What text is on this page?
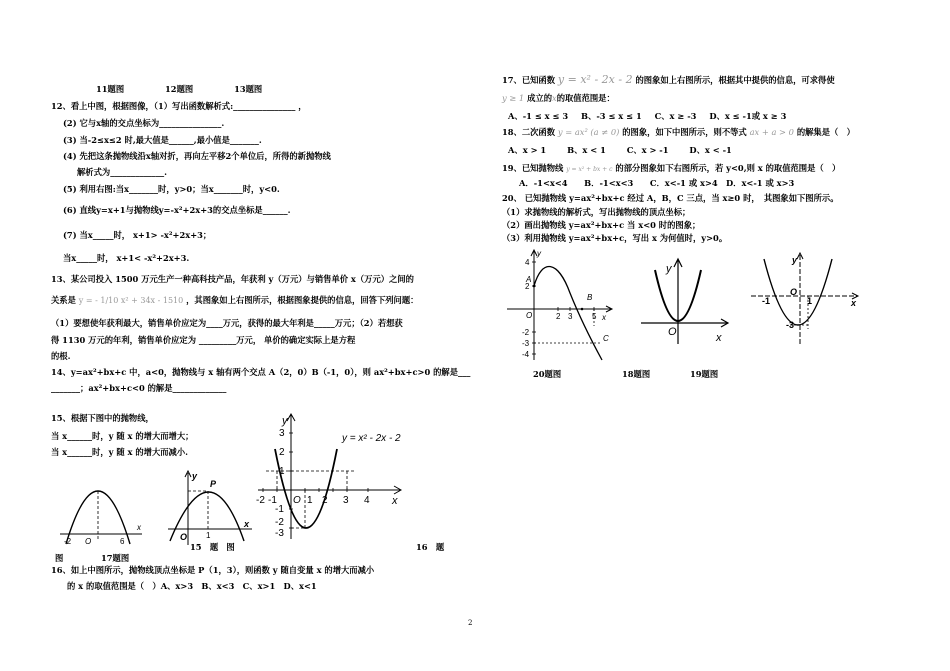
11题图	12题图	13题图
12、看上中图，根据图像，（1）写出函数解析式:_______________ ，
(2) 它与x轴的交点坐标为_______________.
(3) 当-2≤x≤2 时,最大值是______,最小值是_______.
(4) 先把这条抛物线沿x轴对折，再向左平移2个单位后，所得的新抛物线
解析式为_____________.
(5) 利用右图:当x_______时，y>0；当x_______时，y<0.
(6) 直线y=x+1与抛物线y=-x²+2x+3的交点坐标是______.
(7) 当x_____时， x+1> -x²+2x+3；
当x_____时， x+1< -x²+2x+3.
13、某公司投入 1500 万元生产一种高科技产品，年获利 y（万元）与销售单价 x（万元）之间的
关系是 y = - 1/10 x² + 34x - 1510 ，其图象如上右图所示，根据图象提供的信息，回答下列问题：
（1）要想使年获利最大，销售单价应定为____万元，获得的最大年利是_____万元；（2）若想获
得 1130 万元的年利，销售单价应定为 _________万元， 单价的确定实际上是方程
的根.
14、y=ax²+bx+c 中，a<0，抛物线与 x 轴有两个交点 A（2，0）B（-1，0），则 ax²+bx+c>0 的解是___
_______；ax²+bx+c<0 的解是_____________
15、根据下图中的抛物线，
当 x______时，y 随 x 的增大而增大；
当 x______时，y 随 x 的增大而减小.
x
-2 O	6
y
P
x
O 1
y
x
y = x² - 2x - 2
3
2
1
-1
-2
-3
-2 -1 O 1 2 3 4
图	17题图
15　题　图	16　题
16、如上中图所示，抛物线顶点坐标是 P（1，3），则函数 y 随自变量 x 的增大而减小
的 x 的取值范围是（　）A、x>3　B、x<3　C、x>1　D、x<1
17、已知函数 y = x² - 2x - 2 的图象如上右图所示，根据其中提供的信息，可求得使
y ≥ 1 成立的x的取值范围是：
A、-1 ≤ x ≤ 3 B、-3 ≤ x ≤ 1 C、x ≥ -3 D、x ≤ -1或 x ≥ 3
18、二次函数 y = ax² (a ≠ 0) 的图象，如下中图所示，则不等式 ax + a > 0 的解集是（　）
A、x > 1	B、x < 1	C、x > -1	D、x < -1
19、已知抛物线 y = x² + bx + c 的部分图象如下右图所示，若 y<0,则 x 的取值范围是（　）
A．-1<x<4　　B．-1<x<3　　C．x<-1 或 x>4　D．x<-1 或 x>3
20、 已知抛物线 y=ax²+bx+c 经过 A，B，C 三点，当 x≥0 时，　其图象如下图所示。
（1）求抛物线的解析式，写出抛物线的顶点坐标；
（2）画出抛物线 y=ax²+bx+c 当 x<0 时的图象；
（3）利用抛物线 y=ax²+bx+c，写出 x 为何值时，y>0。
y
4
2
-2
-3
-4
A
B
C
2 3 5 x
O
y
O	x
y
x
-1
O
1
-3
20题图	18题图	19题图
2
